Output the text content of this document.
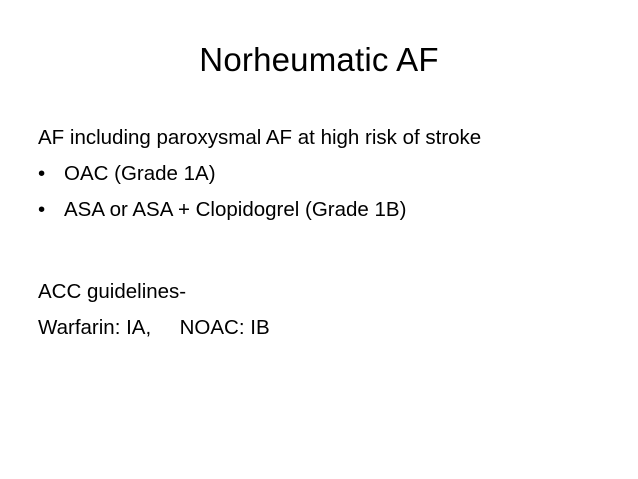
Norheumatic AF
AF including paroxysmal AF at high risk of stroke
• OAC (Grade 1A)
• ASA or ASA + Clopidogrel (Grade 1B)
ACC guidelines-
Warfarin: IA,     NOAC: IB
